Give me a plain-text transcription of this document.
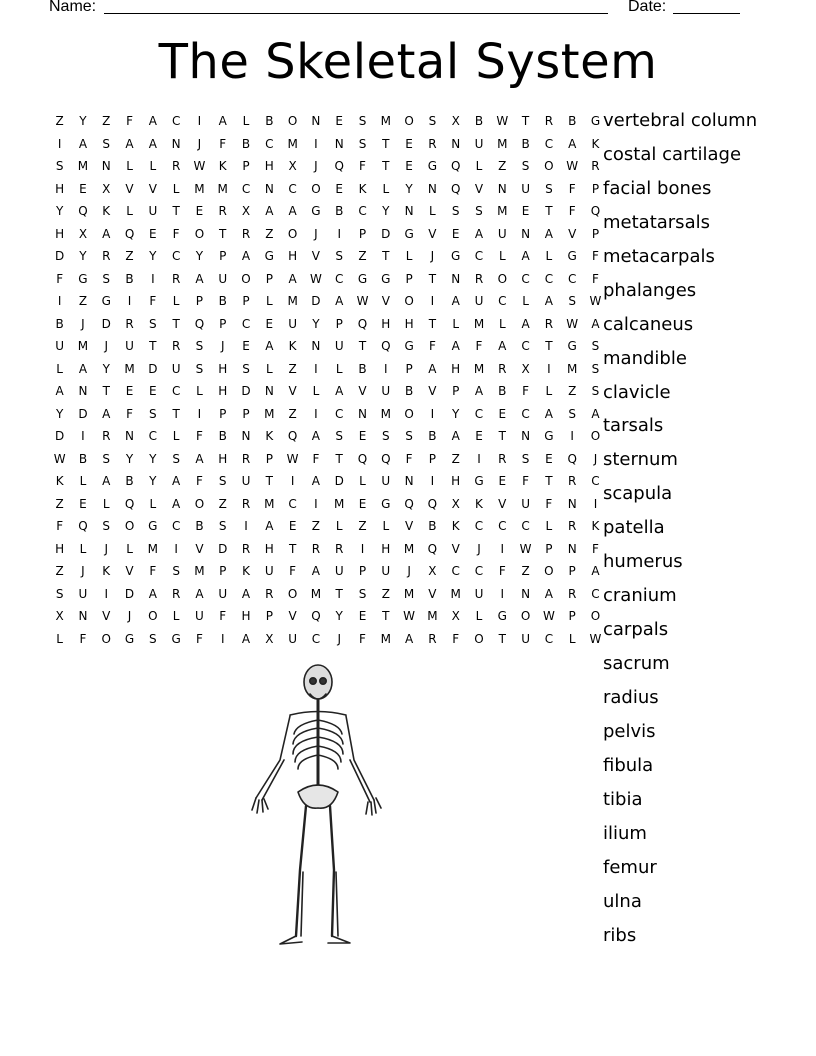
Name:	Date:
The Skeletal System
Z	Y	Z	F	A	C	I	A	L	B	O	N	E	S	M	O	S	X	B	W	T	R	B	G
I	A	S	A	A	N	J	F	B	C	M	I	N	S	T	E	R	N	U	M	B	C	A	K
S	M	N	L	L	R	W	K	P	H	X	J	Q	F	T	E	G	Q	L	Z	S	O	W	R
H	E	X	V	V	L	M	M	C	N	C	O	E	K	L	Y	N	Q	V	N	U	S	F	P
Y	Q	K	L	U	T	E	R	X	A	A	G	B	C	Y	N	L	S	S	M	E	T	F	Q
H	X	A	Q	E	F	O	T	R	Z	O	J	I	P	D	G	V	E	A	U	N	A	V	P
D	Y	R	Z	Y	C	Y	P	A	G	H	V	S	Z	T	L	J	G	C	L	A	L	G	F
F	G	S	B	I	R	A	U	O	P	A	W	C	G	G	P	T	N	R	O	C	C	C	F
I	Z	G	I	F	L	P	B	P	L	M	D	A	W	V	O	I	A	U	C	L	A	S	W
B	J	D	R	S	T	Q	P	C	E	U	Y	P	Q	H	H	T	L	M	L	A	R	W	A
U	M	J	U	T	R	S	J	E	A	K	N	U	T	Q	G	F	A	F	A	C	T	G	S
L	A	Y	M	D	U	S	H	S	L	Z	I	L	B	I	P	A	H	M	R	X	I	M	S
A	N	T	E	E	C	L	H	D	N	V	L	A	V	U	B	V	P	A	B	F	L	Z	S
Y	D	A	F	S	T	I	P	P	M	Z	I	C	N	M	O	I	Y	C	E	C	A	S	A
D	I	R	N	C	L	F	B	N	K	Q	A	S	E	S	S	B	A	E	T	N	G	I	O
W	B	S	Y	Y	S	A	H	R	P	W	F	T	Q	Q	F	P	Z	I	R	S	E	Q	J
K	L	A	B	Y	A	F	S	U	T	I	A	D	L	U	N	I	H	G	E	F	T	R	C
Z	E	L	Q	L	A	O	Z	R	M	C	I	M	E	G	Q	Q	X	K	V	U	F	N	I
F	Q	S	O	G	C	B	S	I	A	E	Z	L	Z	L	V	B	K	C	C	C	L	R	K
H	L	J	L	M	I	V	D	R	H	T	R	R	I	H	M	Q	V	J	I	W	P	N	F
Z	J	K	V	F	S	M	P	K	U	F	A	U	P	U	J	X	C	C	F	Z	O	P	A
S	U	I	D	A	R	A	U	A	R	O	M	T	S	Z	M	V	M	U	I	N	A	R	C
X	N	V	J	O	L	U	F	H	P	V	Q	Y	E	T	W	M	X	L	G	O	W	P	O
L	F	O	G	S	G	F	I	A	X	U	C	J	F	M	A	R	F	O	T	U	C	L	W
vertebral column
costal cartilage
facial bones
metatarsals
metacarpals
phalanges
calcaneus
mandible
clavicle
tarsals
sternum
scapula
patella
humerus
cranium
carpals
sacrum
radius
pelvis
fibula
tibia
ilium
femur
ulna
ribs
